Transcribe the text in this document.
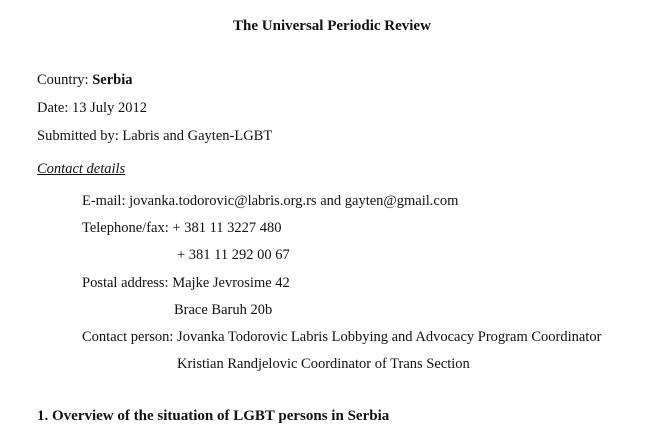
The Universal Periodic Review
Country: Serbia
Date: 13 July 2012
Submitted by: Labris and Gayten-LGBT
Contact details
E-mail: jovanka.todorovic@labris.org.rs and gayten@gmail.com
Telephone/fax: + 381 11 3227 480
+ 381 11 292 00 67
Postal address: Majke Jevrosime 42
Brace Baruh 20b
Contact person: Jovanka Todorovic Labris Lobbying and Advocacy Program Coordinator
Kristian Randjelovic Coordinator of Trans Section
1. Overview of the situation of LGBT persons in Serbia
